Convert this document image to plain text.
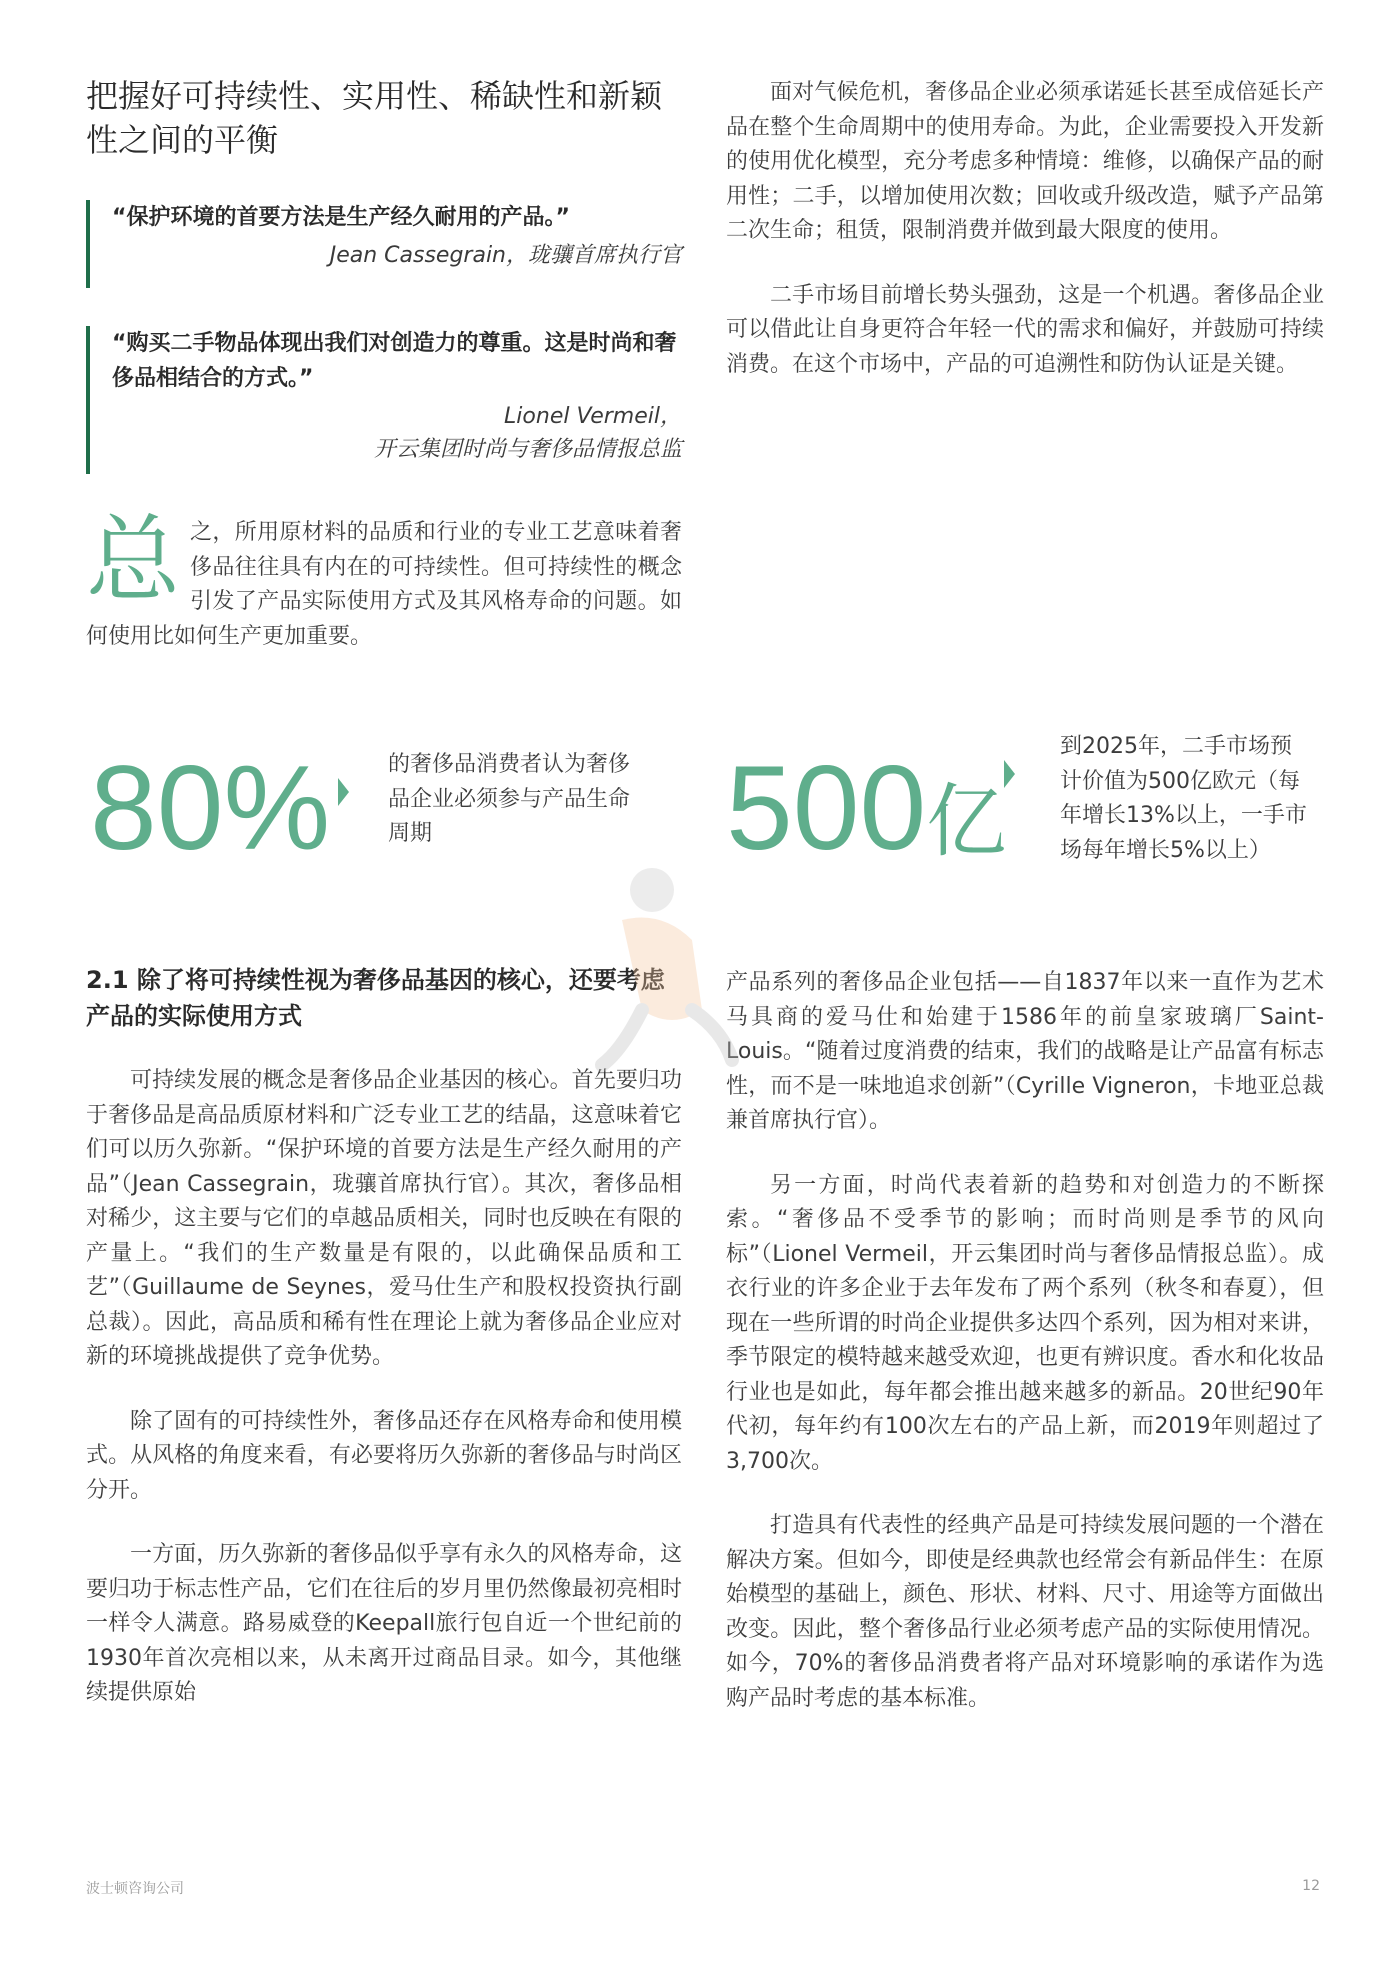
把握好可持续性、实用性、稀缺性和新颖性之间的平衡
“保护环境的首要方法是生产经久耐用的产品。”
Jean Cassegrain，珑骧首席执行官
“购买二手物品体现出我们对创造力的尊重。这是时尚和奢侈品相结合的方式。”
Lionel Vermeil，
开云集团时尚与奢侈品情报总监
总 之，所用原材料的品质和行业的专业工艺意味着奢侈品往往具有内在的可持续性。但可持续性的概念引发了产品实际使用方式及其风格寿命的问题。如何使用比如何生产更加重要。

80%	的奢侈品消费者认为奢侈品企业必须参与产品生命周期
2.1 除了将可持续性视为奢侈品基因的核心，还要考虑产品的实际使用方式

可持续发展的概念是奢侈品企业基因的核心。首先要归功于奢侈品是高品质原材料和广泛专业工艺的结晶，这意味着它们可以历久弥新。“保护环境的首要方法是生产经久耐用的产品”（Jean Cassegrain，珑骧首席执行官）。其次，奢侈品相对稀少，这主要与它们的卓越品质相关，同时也反映在有限的产量上。“我们的生产数量是有限的，以此确保品质和工艺”（Guillaume de Seynes，爱马仕生产和股权投资执行副总裁）。因此，高品质和稀有性在理论上就为奢侈品企业应对新的环境挑战提供了竞争优势。

除了固有的可持续性外，奢侈品还存在风格寿命和使用模式。从风格的角度来看，有必要将历久弥新的奢侈品与时尚区分开。

一方面，历久弥新的奢侈品似乎享有永久的风格寿命，这要归功于标志性产品，它们在往后的岁月里仍然像最初亮相时一样令人满意。路易威登的Keepall旅行包自近一个世纪前的1930年首次亮相以来，从未离开过商品目录。如今，其他继续提供原始

面对气候危机，奢侈品企业必须承诺延长甚至成倍延长产品在整个生命周期中的使用寿命。为此，企业需要投入开发新的使用优化模型，充分考虑多种情境：维修，以确保产品的耐用性；二手，以增加使用次数；回收或升级改造，赋予产品第二次生命；租赁，限制消费并做到最大限度的使用。

二手市场目前增长势头强劲，这是一个机遇。奢侈品企业可以借此让自身更符合年轻一代的需求和偏好，并鼓励可持续消费。在这个市场中，产品的可追溯性和防伪认证是关键。

500亿
到2025年，二手市场预计价值为500亿欧元（每年增长13%以上，一手市场每年增长5%以上）

产品系列的奢侈品企业包括——自1837年以来一直作为艺术马具商的爱马仕和始建于1586年的前皇家玻璃厂Saint-Louis。“随着过度消费的结束，我们的战略是让产品富有标志性，而不是一味地追求创新”（Cyrille Vigneron，卡地亚总裁兼首席执行官）。

另一方面，时尚代表着新的趋势和对创造力的不断探索。“奢侈品不受季节的影响；而时尚则是季节的风向标”（Lionel Vermeil，开云集团时尚与奢侈品情报总监）。成衣行业的许多企业于去年发布了两个系列（秋冬和春夏），但现在一些所谓的时尚企业提供多达四个系列，因为相对来讲，季节限定的模特越来越受欢迎，也更有辨识度。香水和化妆品行业也是如此，每年都会推出越来越多的新品。20世纪90年代初，每年约有100次左右的产品上新，而2019年则超过了3,700次。

打造具有代表性的经典产品是可持续发展问题的一个潜在解决方案。但如今，即使是经典款也经常会有新品伴生：在原始模型的基础上，颜色、形状、材料、尺寸、用途等方面做出改变。因此，整个奢侈品行业必须考虑产品的实际使用情况。如今，70%的奢侈品消费者将产品对环境影响的承诺作为选购产品时考虑的基本标准。

波士顿咨询公司	12
